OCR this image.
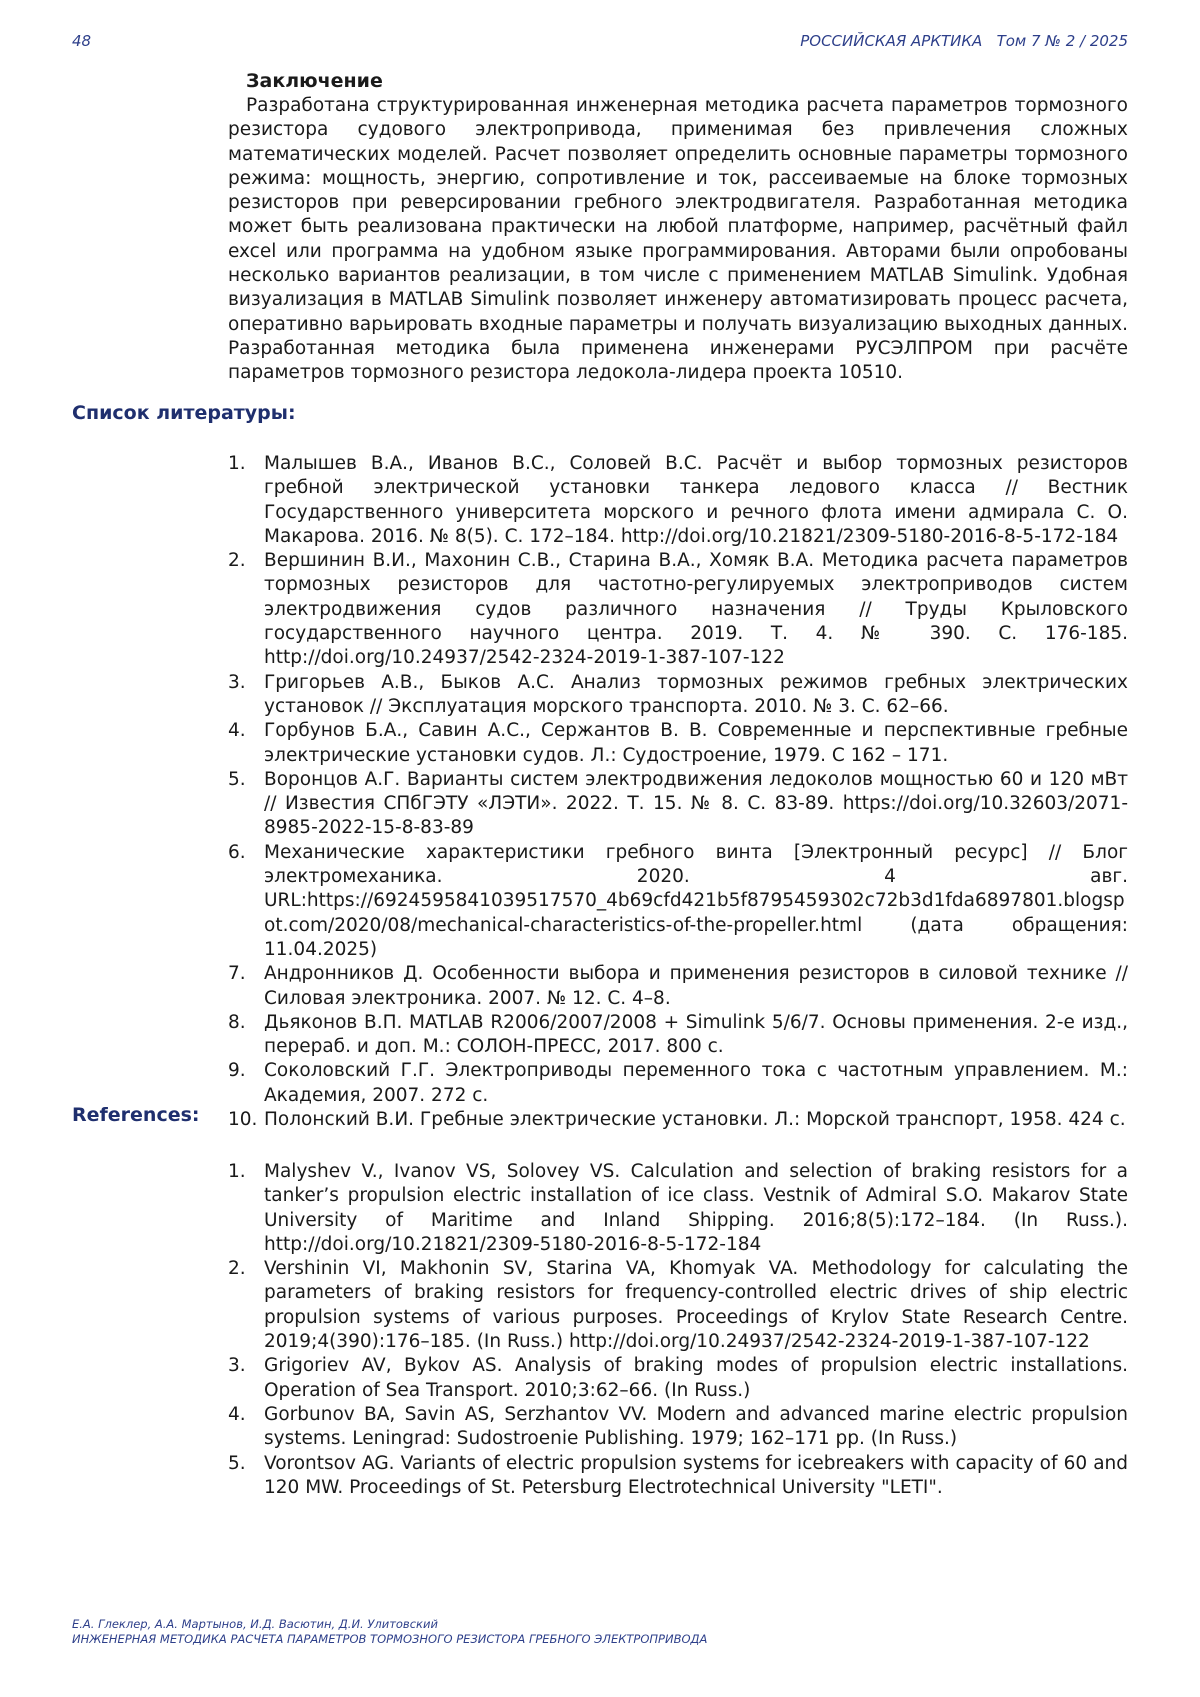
48	РОССИЙСКАЯ АРКТИКА   Том 7 № 2 / 2025
Заключение

Разработана структурированная инженерная методика расчета параметров тормозного резистора судового электропривода, применимая без привлечения сложных математических моделей. Расчет позволяет определить основные параметры тормозного режима: мощность, энергию, сопротивление и ток, рассеиваемые на блоке тормозных резисторов при реверсировании гребного электродвигателя. Разработанная методика может быть реализована практически на любой платформе, например, расчётный файл excel или программа на удобном языке программирования. Авторами были опробованы несколько вариантов реализации, в том числе с применением MATLAB Simulink. Удобная визуализация в MATLAB Simulink позволяет инженеру автоматизировать процесс расчета, оперативно варьировать входные параметры и получать визуализацию выходных данных. Разработанная методика была применена инженерами РУСЭЛПРОМ при расчёте параметров тормозного резистора ледокола-лидера проекта 10510.

Список литературы:
1. Малышев В.А., Иванов В.С., Соловей В.С. Расчёт и выбор тормозных резисторов гребной электрической установки танкера ледового класса // Вестник Государственного университета морского и речного флота имени адмирала С. О. Макарова. 2016. № 8(5). С. 172–184. http://doi.org/10.21821/2309-5180-2016-8-5-172-184
2. Вершинин В.И., Махонин С.В., Старина В.А., Хомяк В.А. Методика расчета параметров тормозных резисторов для частотно-регулируемых электроприводов систем электродвижения судов различного назначения // Труды Крыловского государственного научного центра. 2019. Т. 4. № 390. С. 176-185. http://doi.org/10.24937/2542-2324-2019-1-387-107-122
3. Григорьев А.В., Быков А.С. Анализ тормозных режимов гребных электрических установок // Эксплуатация морского транспорта. 2010. № 3. С. 62–66.
4. Горбунов Б.А., Савин А.С., Сержантов В. В. Современные и перспективные гребные электрические установки судов. Л.: Судостроение, 1979. С 162 – 171.
5. Воронцов А.Г. Варианты систем электродвижения ледоколов мощностью 60 и 120 мВт // Известия СПбГЭТУ «ЛЭТИ». 2022. Т. 15. № 8. С. 83-89. https://doi.org/10.32603/2071-8985-2022-15-8-83-89
6. Механические характеристики гребного винта [Электронный ресурс] // Блог электромеханика. 2020. 4 авг. URL:https://6924595841039517570_4b69cfd421b5f8795459302c72b3d1fda6897801.blogspot.com/2020/08/mechanical-characteristics-of-the-propeller.html (дата обращения: 11.04.2025)
7. Андронников Д. Особенности выбора и применения резисторов в силовой технике // Силовая электроника. 2007. № 12. С. 4–8.
8. Дьяконов В.П. MATLAB R2006/2007/2008 + Simulink 5/6/7. Основы применения. 2-е изд., перераб. и доп. М.: СОЛОН-ПРЕСС, 2017. 800 с.
9. Соколовский Г.Г. Электроприводы переменного тока с частотным управлением. М.: Академия, 2007. 272 с.
10. Полонский В.И. Гребные электрические установки. Л.: Морской транспорт, 1958. 424 с.
References:
1. Malyshev V., Ivanov VS, Solovey VS. Calculation and selection of braking resistors for a tanker’s propulsion electric installation of ice class. Vestnik of Admiral S.O. Makarov State University of Maritime and Inland Shipping. 2016;8(5):172–184. (In Russ.). http://doi.org/10.21821/2309-5180-2016-8-5-172-184
2. Vershinin VI, Makhonin SV, Starina VA, Khomyak VA. Methodology for calculating the parameters of braking resistors for frequency-controlled electric drives of ship electric propulsion systems of various purposes. Proceedings of Krylov State Research Centre. 2019;4(390):176–185. (In Russ.) http://doi.org/10.24937/2542-2324-2019-1-387-107-122
3. Grigoriev AV, Bykov AS. Analysis of braking modes of propulsion electric installations. Operation of Sea Transport. 2010;3:62–66. (In Russ.)
4. Gorbunov BA, Savin AS, Serzhantov VV. Modern and advanced marine electric propulsion systems. Leningrad: Sudostroenie Publishing. 1979; 162–171 pp. (In Russ.)
5. Vorontsov AG. Variants of electric propulsion systems for icebreakers with capacity of 60 and 120 MW. Proceedings of St. Petersburg Electrotechnical University "LETI".
Е.А. Глеклер, А.А. Мартынов, И.Д. Васютин, Д.И. Улитовский
ИНЖЕНЕРНАЯ МЕТОДИКА РАСЧЕТА ПАРАМЕТРОВ ТОРМОЗНОГО РЕЗИСТОРА ГРЕБНОГО ЭЛЕКТРОПРИВОДА
